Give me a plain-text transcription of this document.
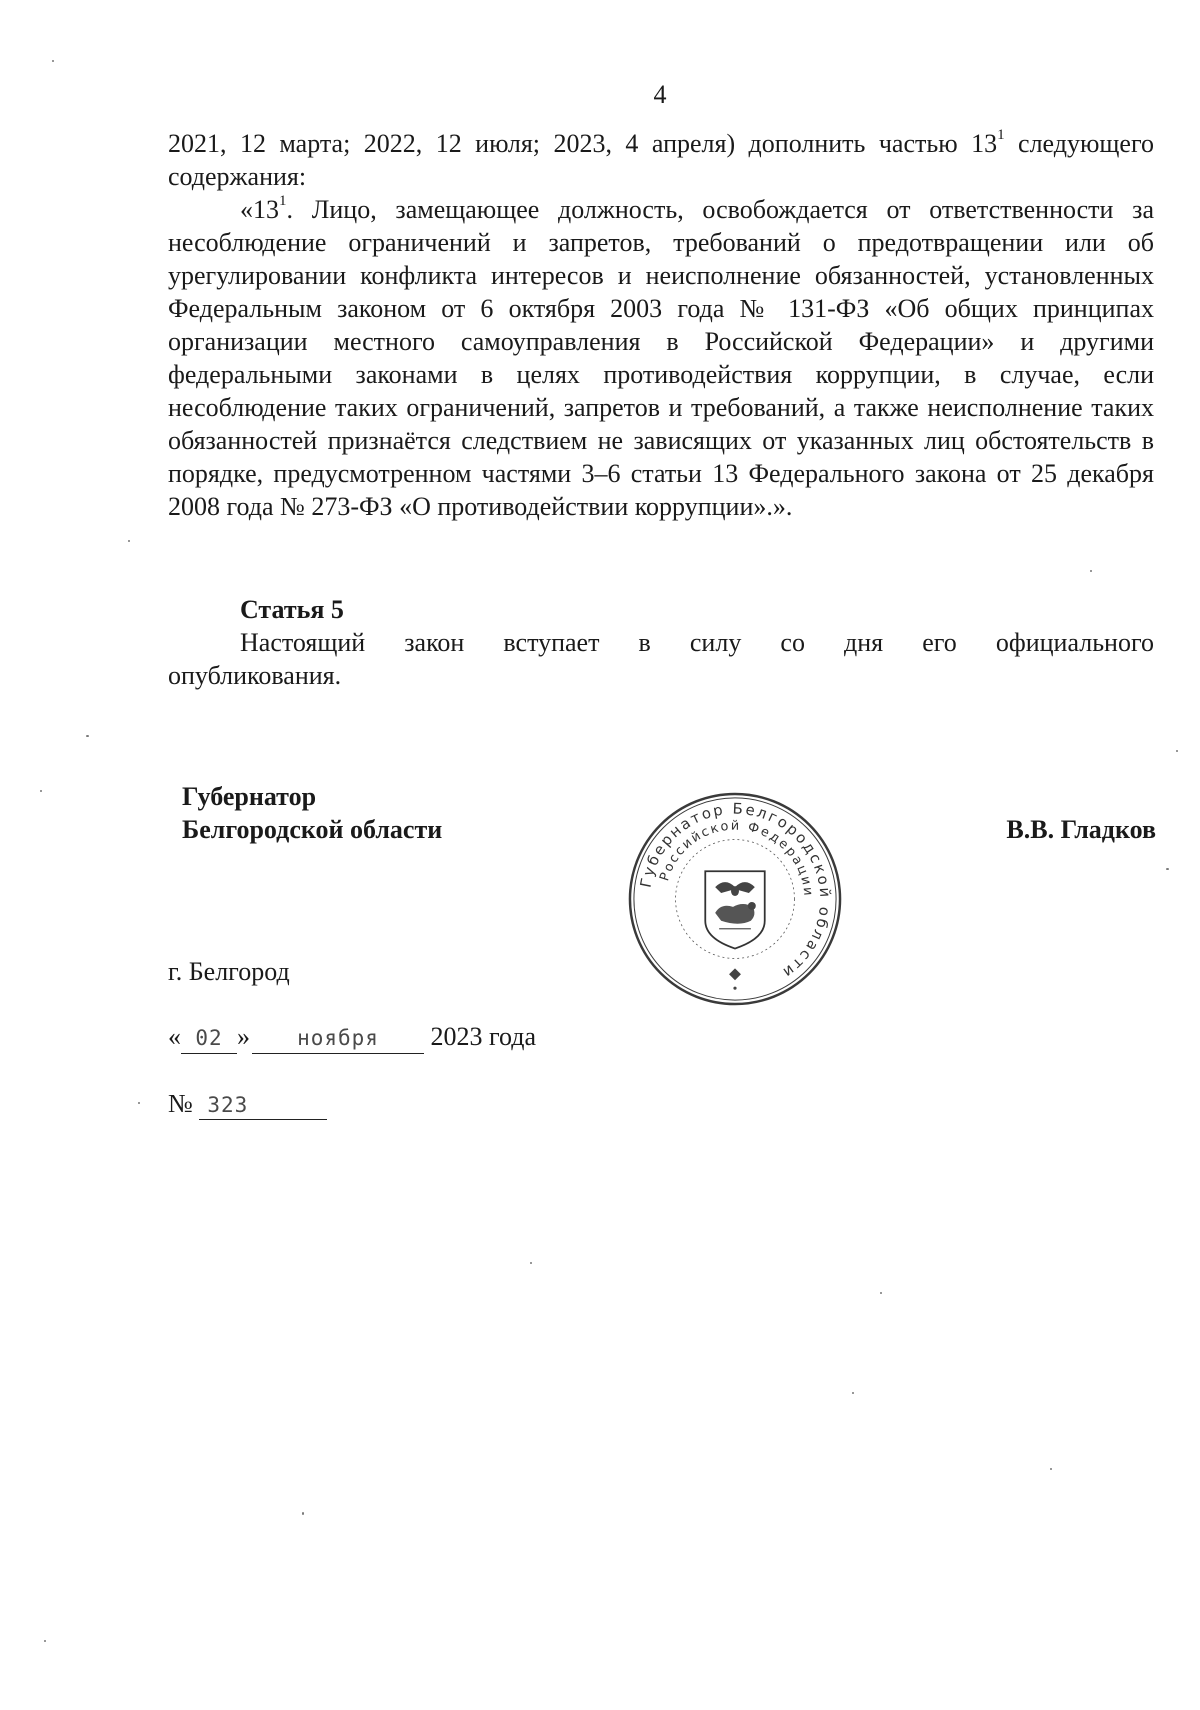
4

2021, 12 марта; 2022, 12 июля; 2023, 4 апреля) дополнить частью $13^1$ следующего содержания:

«$13^1$. Лицо, замещающее должность, освобождается от ответственности за несоблюдение ограничений и запретов, требований о предотвращении или об урегулировании конфликта интересов и неисполнение обязанностей, установленных Федеральным законом от 6 октября 2003 года № 131-ФЗ «Об общих принципах организации местного самоуправления в Российской Федерации» и другими федеральными законами в целях противодействия коррупции, в случае, если несоблюдение таких ограничений, запретов и требований, а также неисполнение таких обязанностей признаётся следствием не зависящих от указанных лиц обстоятельств в порядке, предусмотренном частями 3–6 статьи 13 Федерального закона от 25 декабря 2008 года № 273-ФЗ «О противодействии коррупции».».

Статья 5

Настоящий закон вступает в силу со дня его официального опубликования.

Губернатор
Белгородской области
Губернатор Белгородской области
Российской Федерации
В.В. Гладков
г. Белгород
« 02 » ноября 2023 года
№ 323
